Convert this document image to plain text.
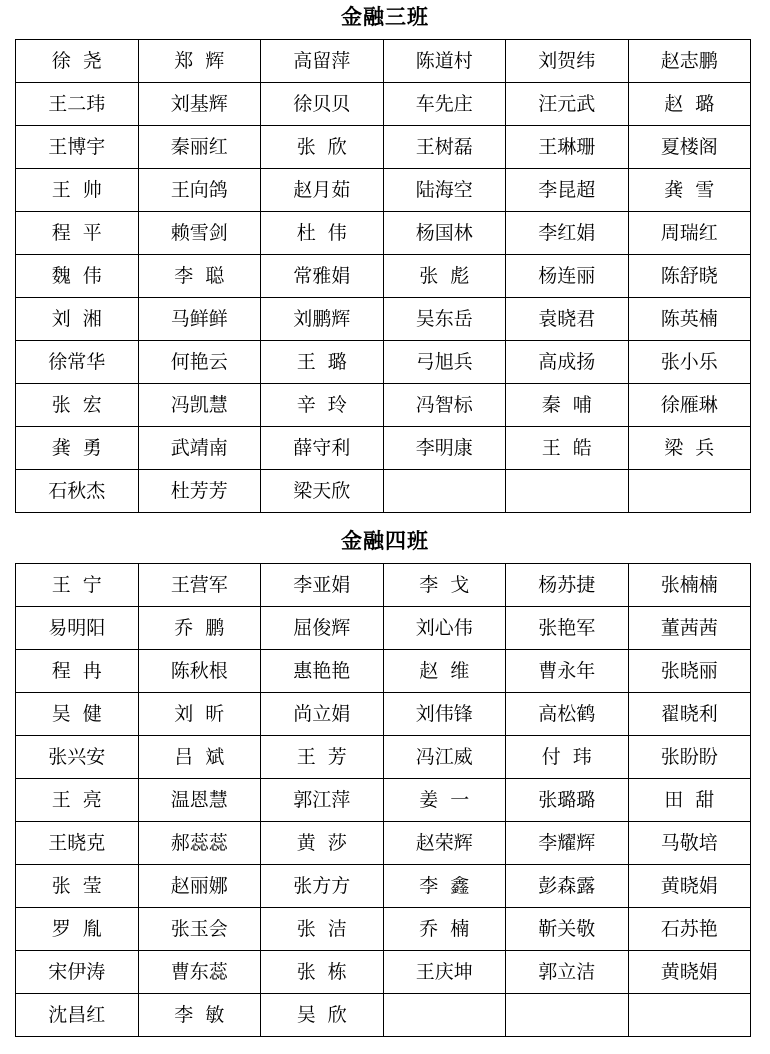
金融三班
徐  尧	郑  辉	高留萍	陈道村	刘贺纬	赵志鹏
王二玮	刘基辉	徐贝贝	车先庄	汪元武	赵  璐
王博宇	秦丽红	张  欣	王树磊	王琳珊	夏楼阁
王  帅	王向鸽	赵月茹	陆海空	李昆超	龚  雪
程  平	赖雪剑	杜  伟	杨国林	李红娟	周瑞红
魏  伟	李  聪	常雅娟	张  彪	杨连丽	陈舒晓
刘  湘	马鲜鲜	刘鹏辉	吴东岳	袁晓君	陈英楠
徐常华	何艳云	王  璐	弓旭兵	高成扬	张小乐
张  宏	冯凯慧	辛  玲	冯智标	秦  哺	徐雁琳
龚  勇	武靖南	薛守利	李明康	王  皓	梁  兵
石秋杰	杜芳芳	梁天欣			
金融四班
王  宁	王营军	李亚娟	李  戈	杨苏捷	张楠楠
易明阳	乔  鹏	屈俊辉	刘心伟	张艳军	董茜茜
程  冉	陈秋根	惠艳艳	赵  维	曹永年	张晓丽
吴  健	刘  昕	尚立娟	刘伟锋	高松鹤	翟晓利
张兴安	吕  斌	王  芳	冯江威	付  玮	张盼盼
王  亮	温恩慧	郭江萍	姜  一	张璐璐	田  甜
王晓克	郝蕊蕊	黄  莎	赵荣辉	李耀辉	马敬培
张  莹	赵丽娜	张方方	李  鑫	彭森露	黄晓娟
罗  胤	张玉会	张  洁	乔  楠	靳关敬	石苏艳
宋伊涛	曹东蕊	张  栋	王庆坤	郭立洁	黄晓娟
沈昌红	李  敏	吴  欣			
